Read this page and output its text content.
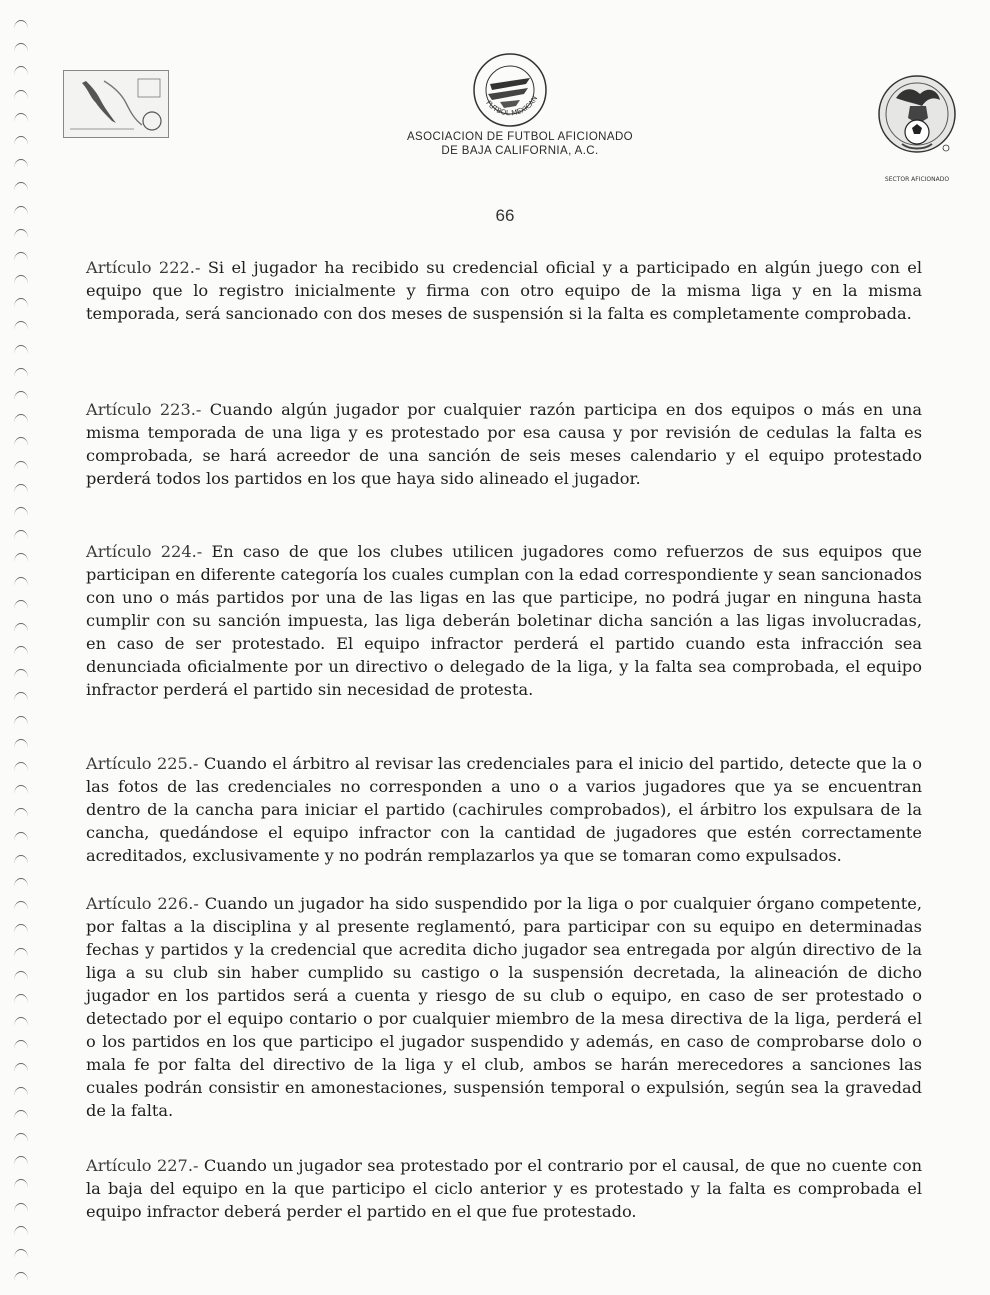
FUTBOL MEXICAN
SECTOR AFICIONADO
ASOCIACION DE FUTBOL AFICIONADO
DE BAJA CALIFORNIA, A.C.
66
Artículo 222.- Si el jugador ha recibido su credencial oficial y a participado en algún juego con el equipo que lo registro inicialmente y firma con otro equipo de la misma liga y en la misma temporada, será sancionado con dos meses de suspensión si la falta es completamente comprobada.
Artículo 223.- Cuando algún jugador por cualquier razón participa en dos equipos o más en una misma temporada de una liga y es protestado por esa causa y por revisión de cedulas la falta es comprobada, se hará acreedor de una sanción de seis meses calendario y el equipo protestado perderá todos los partidos en los que haya sido alineado el jugador.
Artículo 224.- En caso de que los clubes utilicen jugadores como refuerzos de sus equipos que participan en diferente categoría los cuales cumplan con la edad correspondiente y sean sancionados con uno o más partidos por una de las ligas en las que participe, no podrá jugar en ninguna hasta cumplir con su sanción impuesta, las liga deberán boletinar dicha sanción a las ligas involucradas, en caso de ser protestado. El equipo infractor perderá el partido cuando esta infracción sea denunciada oficialmente por un directivo o delegado de la liga, y la falta sea comprobada, el equipo infractor perderá el partido sin necesidad de protesta.
Artículo 225.- Cuando el árbitro al revisar las credenciales para el inicio del partido, detecte que la o las fotos de las credenciales no corresponden a uno o a varios jugadores que ya se encuentran dentro de la cancha para iniciar el partido (cachirules comprobados), el árbitro los expulsara de la cancha, quedándose el equipo infractor con la cantidad de jugadores que estén correctamente acreditados, exclusivamente y no podrán remplazarlos ya que se tomaran como expulsados.
Artículo 226.- Cuando un jugador ha sido suspendido por la liga o por cualquier órgano competente, por faltas a la disciplina y al presente reglamentó, para participar con su equipo en determinadas fechas y partidos y la credencial que acredita dicho jugador sea entregada por algún directivo de la liga a su club sin haber cumplido su castigo o la suspensión decretada, la alineación de dicho jugador en los partidos será a cuenta y riesgo de su club o equipo, en caso de ser protestado o detectado por el equipo contario o por cualquier miembro de la mesa directiva de la liga, perderá el o los partidos en los que participo el jugador suspendido y además, en caso de comprobarse dolo o mala fe por falta del directivo de la liga y el club, ambos se harán merecedores a sanciones las cuales podrán consistir en amonestaciones, suspensión temporal o expulsión, según sea la gravedad de la falta.
Artículo 227.- Cuando un jugador sea protestado por el contrario por el causal, de que no cuente con la baja del equipo en la que participo el ciclo anterior y es protestado y la falta es comprobada el equipo infractor deberá perder el partido en el que fue protestado.
